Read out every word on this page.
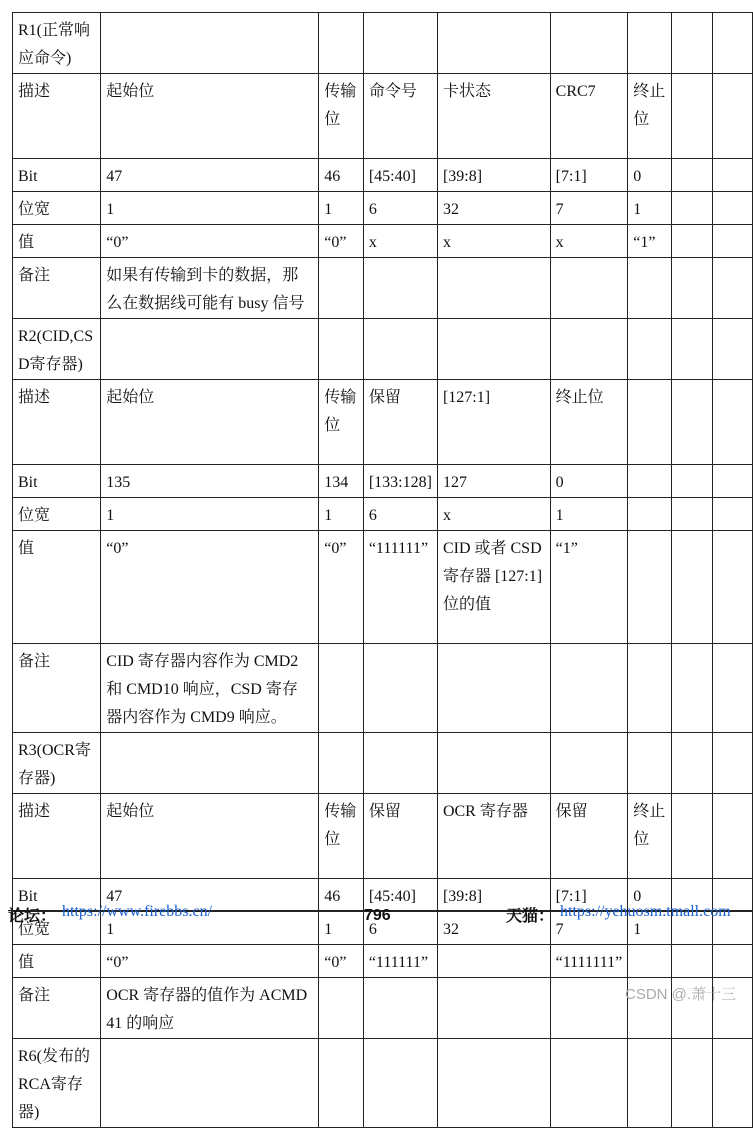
R1(正常响应命令)								
描述	起始位	传输位	命令号	卡状态	CRC7	终止位		
Bit	47	46	[45:40]	[39:8]	[7:1]	0		
位宽	1	1	6	32	7	1		
值	“0”	“0”	x	x	x	“1”		
备注	如果有传输到卡的数据，那么在数据线可能有 busy 信号							
R2(CID,CSD寄存器)								
描述	起始位	传输位	保留	[127:1]	终止位			
Bit	135	134	[133:128]	127	0			
位宽	1	1	6	x	1			
值	“0”	“0”	“111111”	CID 或者 CSD 寄存器 [127:1] 位的值	“1”			
备注	CID 寄存器内容作为 CMD2 和 CMD10 响应，CSD 寄存器内容作为 CMD9 响应。							
R3(OCR寄存器)								
描述	起始位	传输位	保留	OCR 寄存器	保留	终止位		
Bit	47	46	[45:40]	[39:8]	[7:1]	0		
位宽	1	1	6	32	7	1		
值	“0”	“0”	“111111”		“1111111”			
备注	OCR 寄存器的值作为 ACMD41 的响应							
R6(发布的RCA寄存器)								
论坛： https://www.firebbs.cn/	796	天猫： https://yehuosm.tmall.com
CSDN @.萧十三
